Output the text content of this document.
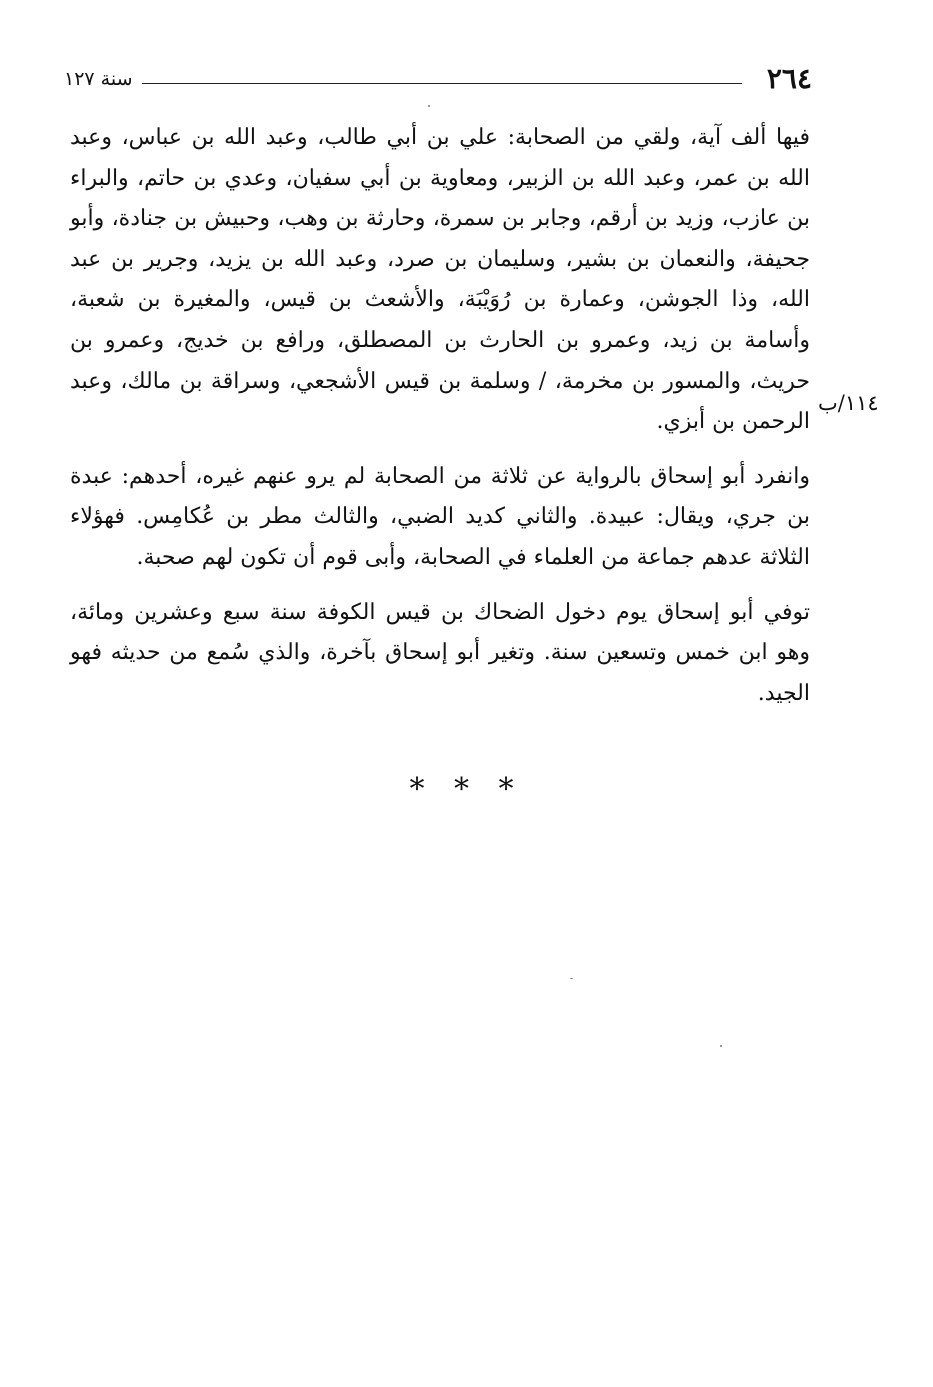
٢٦٤
سنة ١٢٧
١١٤/ب

فيها ألف آية، ولقي من الصحابة: علي بن أبي طالب، وعبد الله بن عباس، وعبد الله بن عمر، وعبد الله بن الزبير، ومعاوية بن أبي سفيان، وعدي بن حاتم، والبراء بن عازب، وزيد بن أرقم، وجابر بن سمرة، وحارثة بن وهب، وحبيش بن جنادة، وأبو جحيفة، والنعمان بن بشير، وسليمان بن صرد، وعبد الله بن يزيد، وجرير بن عبد الله، وذا الجوشن، وعمارة بن رُوَيْبَة، والأشعث بن قيس، والمغيرة بن شعبة، وأسامة بن زيد، وعمرو بن الحارث بن المصطلق، ورافع بن خديج، وعمرو بن حريث، والمسور بن مخرمة، / وسلمة بن قيس الأشجعي، وسراقة بن مالك، وعبد الرحمن بن أبزي.

وانفرد أبو إسحاق بالرواية عن ثلاثة من الصحابة لم يرو عنهم غيره، أحدهم: عبدة بن جري، ويقال: عبيدة. والثاني كديد الضبي، والثالث مطر بن عُكامِس. فهؤلاء الثلاثة عدهم جماعة من العلماء في الصحابة، وأبى قوم أن تكون لهم صحبة.

توفي أبو إسحاق يوم دخول الضحاك بن قيس الكوفة سنة سبع وعشرين ومائة، وهو ابن خمس وتسعين سنة. وتغير أبو إسحاق بآخرة، والذي سُمع من حديثه فهو الجيد.

* * *
